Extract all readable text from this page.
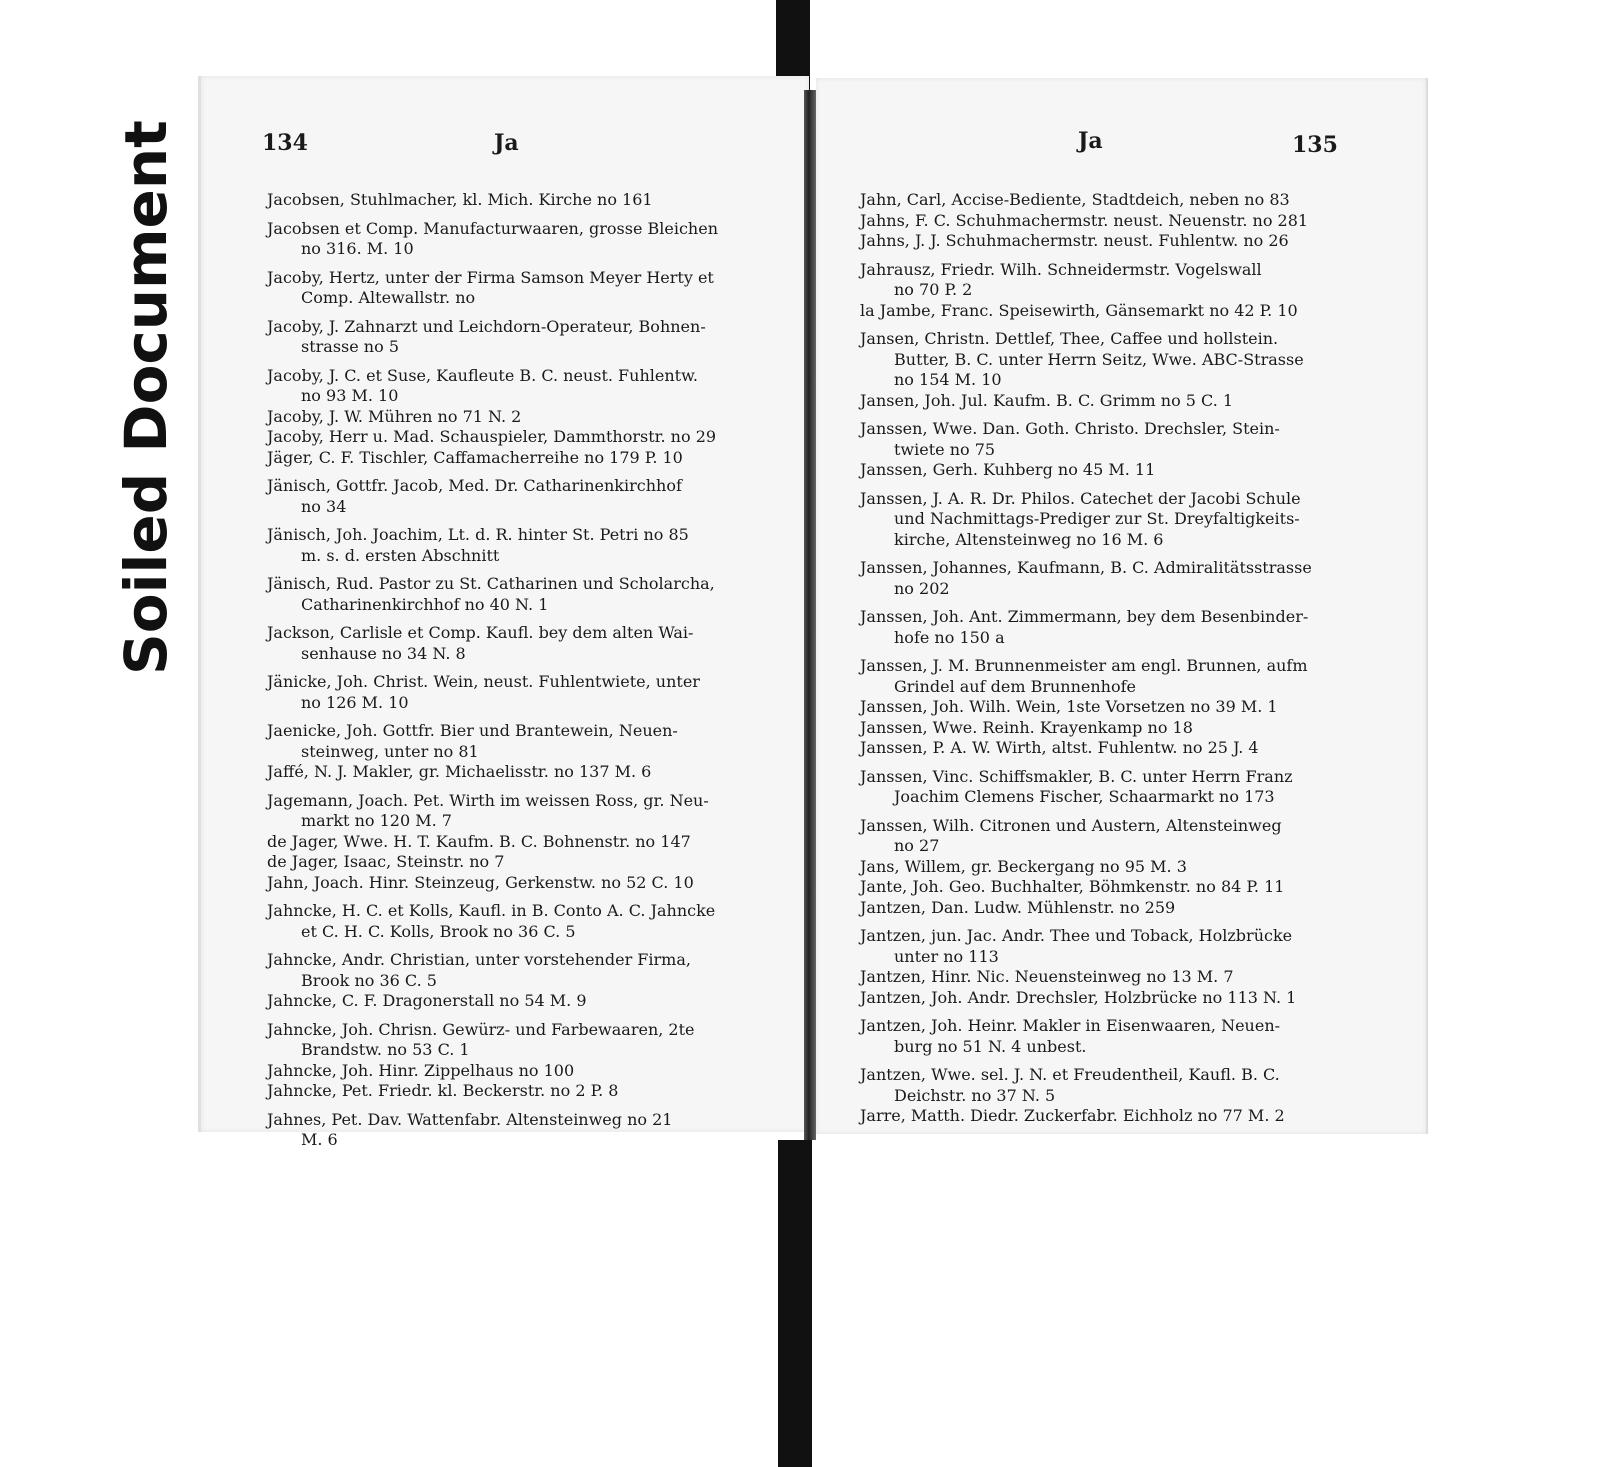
Soiled Document	134	Ja	Ja	135

Jacobsen, Stuhlmacher, kl. Mich. Kirche no 161

Jacobsen et Comp. Manufacturwaaren, grosse Bleichen
no 316. M. 10

Jacoby, Hertz, unter der Firma Samson Meyer Herty et
Comp. Altewallstr. no

Jacoby, J. Zahnarzt und Leichdorn-Operateur, Bohnen-
strasse no 5

Jacoby, J. C. et Suse, Kaufleute B. C. neust. Fuhlentw.
no 93 M. 10

Jacoby, J. W. Mühren no 71 N. 2

Jacoby, Herr u. Mad. Schauspieler, Dammthorstr. no 29

Jäger, C. F. Tischler, Caffamacherreihe no 179 P. 10

Jänisch, Gottfr. Jacob, Med. Dr. Catharinenkirchhof
no 34

Jänisch, Joh. Joachim, Lt. d. R. hinter St. Petri no 85
m. s. d. ersten Abschnitt

Jänisch, Rud. Pastor zu St. Catharinen und Scholarcha,
Catharinenkirchhof no 40 N. 1

Jackson, Carlisle et Comp. Kaufl. bey dem alten Wai-
senhause no 34 N. 8

Jänicke, Joh. Christ. Wein, neust. Fuhlentwiete, unter
no 126 M. 10

Jaenicke, Joh. Gottfr. Bier und Brantewein, Neuen-
steinweg, unter no 81

Jaffé, N. J. Makler, gr. Michaelisstr. no 137 M. 6

Jagemann, Joach. Pet. Wirth im weissen Ross, gr. Neu-
markt no 120 M. 7

de Jager, Wwe. H. T. Kaufm. B. C. Bohnenstr. no 147

de Jager, Isaac, Steinstr. no 7

Jahn, Joach. Hinr. Steinzeug, Gerkenstw. no 52 C. 10

Jahncke, H. C. et Kolls, Kaufl. in B. Conto A. C. Jahncke
et C. H. C. Kolls, Brook no 36 C. 5

Jahncke, Andr. Christian, unter vorstehender Firma,
Brook no 36 C. 5

Jahncke, C. F. Dragonerstall no 54 M. 9

Jahncke, Joh. Chrisn. Gewürz- und Farbewaaren, 2te
Brandstw. no 53 C. 1

Jahncke, Joh. Hinr. Zippelhaus no 100

Jahncke, Pet. Friedr. kl. Beckerstr. no 2 P. 8

Jahnes, Pet. Dav. Wattenfabr. Altensteinweg no 21
M. 6

Jahn, Carl, Accise-Bediente, Stadtdeich, neben no 83

Jahns, F. C. Schuhmachermstr. neust. Neuenstr. no 281

Jahns, J. J. Schuhmachermstr. neust. Fuhlentw. no 26

Jahrausz, Friedr. Wilh. Schneidermstr. Vogelswall
no 70 P. 2

la Jambe, Franc. Speisewirth, Gänsemarkt no 42 P. 10

Jansen, Christn. Dettlef, Thee, Caffee und hollstein.
Butter, B. C. unter Herrn Seitz, Wwe. ABC-Strasse
no 154 M. 10

Jansen, Joh. Jul. Kaufm. B. C. Grimm no 5 C. 1

Janssen, Wwe. Dan. Goth. Christo. Drechsler, Stein-
twiete no 75

Janssen, Gerh. Kuhberg no 45 M. 11

Janssen, J. A. R. Dr. Philos. Catechet der Jacobi Schule
und Nachmittags-Prediger zur St. Dreyfaltigkeits-
kirche, Altensteinweg no 16 M. 6

Janssen, Johannes, Kaufmann, B. C. Admiralitätsstrasse
no 202

Janssen, Joh. Ant. Zimmermann, bey dem Besenbinder-
hofe no 150 a

Janssen, J. M. Brunnenmeister am engl. Brunnen, aufm
Grindel auf dem Brunnenhofe

Janssen, Joh. Wilh. Wein, 1ste Vorsetzen no 39 M. 1

Janssen, Wwe. Reinh. Krayenkamp no 18

Janssen, P. A. W. Wirth, altst. Fuhlentw. no 25 J. 4

Janssen, Vinc. Schiffsmakler, B. C. unter Herrn Franz
Joachim Clemens Fischer, Schaarmarkt no 173

Janssen, Wilh. Citronen und Austern, Altensteinweg
no 27

Jans, Willem, gr. Beckergang no 95 M. 3

Jante, Joh. Geo. Buchhalter, Böhmkenstr. no 84 P. 11

Jantzen, Dan. Ludw. Mühlenstr. no 259

Jantzen, jun. Jac. Andr. Thee und Toback, Holzbrücke
unter no 113

Jantzen, Hinr. Nic. Neuensteinweg no 13 M. 7

Jantzen, Joh. Andr. Drechsler, Holzbrücke no 113 N. 1

Jantzen, Joh. Heinr. Makler in Eisenwaaren, Neuen-
burg no 51 N. 4 unbest.

Jantzen, Wwe. sel. J. N. et Freudentheil, Kaufl. B. C.
Deichstr. no 37 N. 5

Jarre, Matth. Diedr. Zuckerfabr. Eichholz no 77 M. 2
